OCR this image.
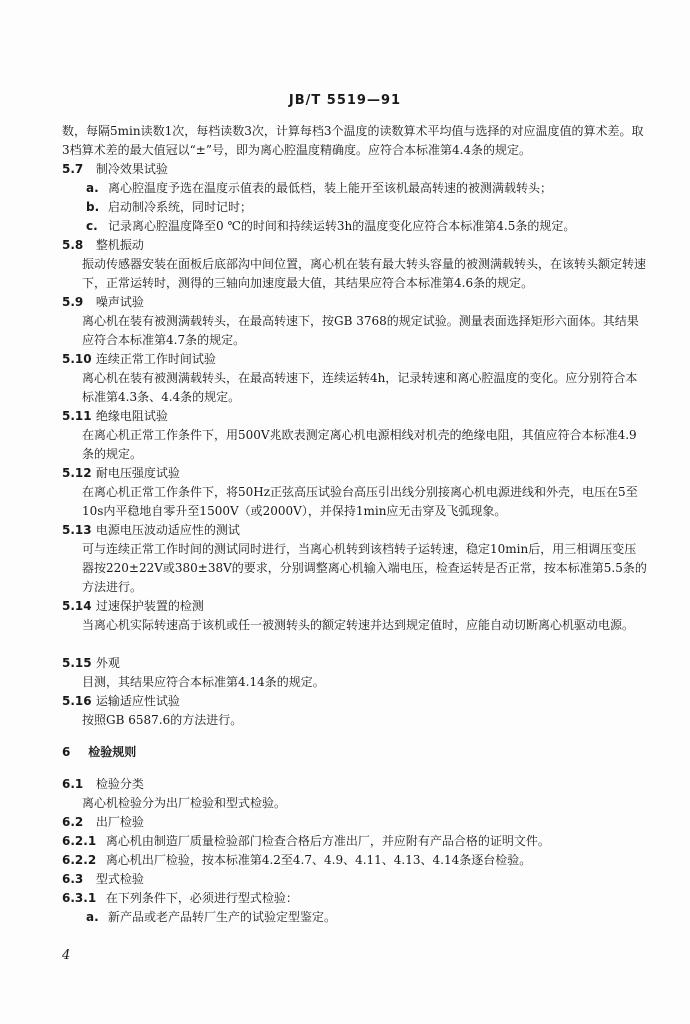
JB/T 5519—91
数，每隔5min读数1次，每档读数3次，计算每档3个温度的读数算术平均值与选择的对应温度值的算术差。取3档算术差的最大值冠以“±”号，即为离心腔温度精确度。应符合本标准第4.4条的规定。
5.7 制冷效果试验
a. 离心腔温度予选在温度示值表的最低档，装上能开至该机最高转速的被测满载转头；
b. 启动制冷系统，同时记时；
c. 记录离心腔温度降至0 ℃的时间和持续运转3h的温度变化应符合本标准第4.5条的规定。
5.8 整机振动
振动传感器安装在面板后底部沟中间位置，离心机在装有最大转头容量的被测满载转头，在该转头额定转速下，正常运转时，测得的三轴向加速度最大值，其结果应符合本标准第4.6条的规定。
5.9 噪声试验
离心机在装有被测满载转头，在最高转速下，按GB 3768的规定试验。测量表面选择矩形六面体。其结果应符合本标准第4.7条的规定。
5.10 连续正常工作时间试验
离心机在装有被测满载转头，在最高转速下，连续运转4h，记录转速和离心腔温度的变化。应分别符合本标准第4.3条、4.4条的规定。
5.11 绝缘电阻试验
在离心机正常工作条件下，用500V兆欧表测定离心机电源相线对机壳的绝缘电阻，其值应符合本标准4.9条的规定。
5.12 耐电压强度试验
在离心机正常工作条件下，将50Hz正弦高压试验台高压引出线分别接离心机电源进线和外壳，电压在5至10s内平稳地自零升至1500V（或2000V），并保持1min应无击穿及飞弧现象。
5.13 电源电压波动适应性的测试
可与连续正常工作时间的测试同时进行，当离心机转到该档转子运转速，稳定10min后，用三相调压变压器按220±22V或380±38V的要求，分别调整离心机输入端电压，检查运转是否正常，按本标准第5.5条的方法进行。
5.14 过速保护装置的检测
当离心机实际转速高于该机或任一被测转头的额定转速并达到规定值时，应能自动切断离心机驱动电源。
5.15 外观
目测，其结果应符合本标准第4.14条的规定。
5.16 运输适应性试验
按照GB 6587.6的方法进行。
6 检验规则
6.1 检验分类
离心机检验分为出厂检验和型式检验。
6.2 出厂检验
6.2.1 离心机由制造厂质量检验部门检查合格后方准出厂，并应附有产品合格的证明文件。
6.2.2 离心机出厂检验，按本标准第4.2至4.7、4.9、4.11、4.13、4.14条逐台检验。
6.3 型式检验
6.3.1 在下列条件下，必须进行型式检验：
a. 新产品或老产品转厂生产的试验定型鉴定。
4
